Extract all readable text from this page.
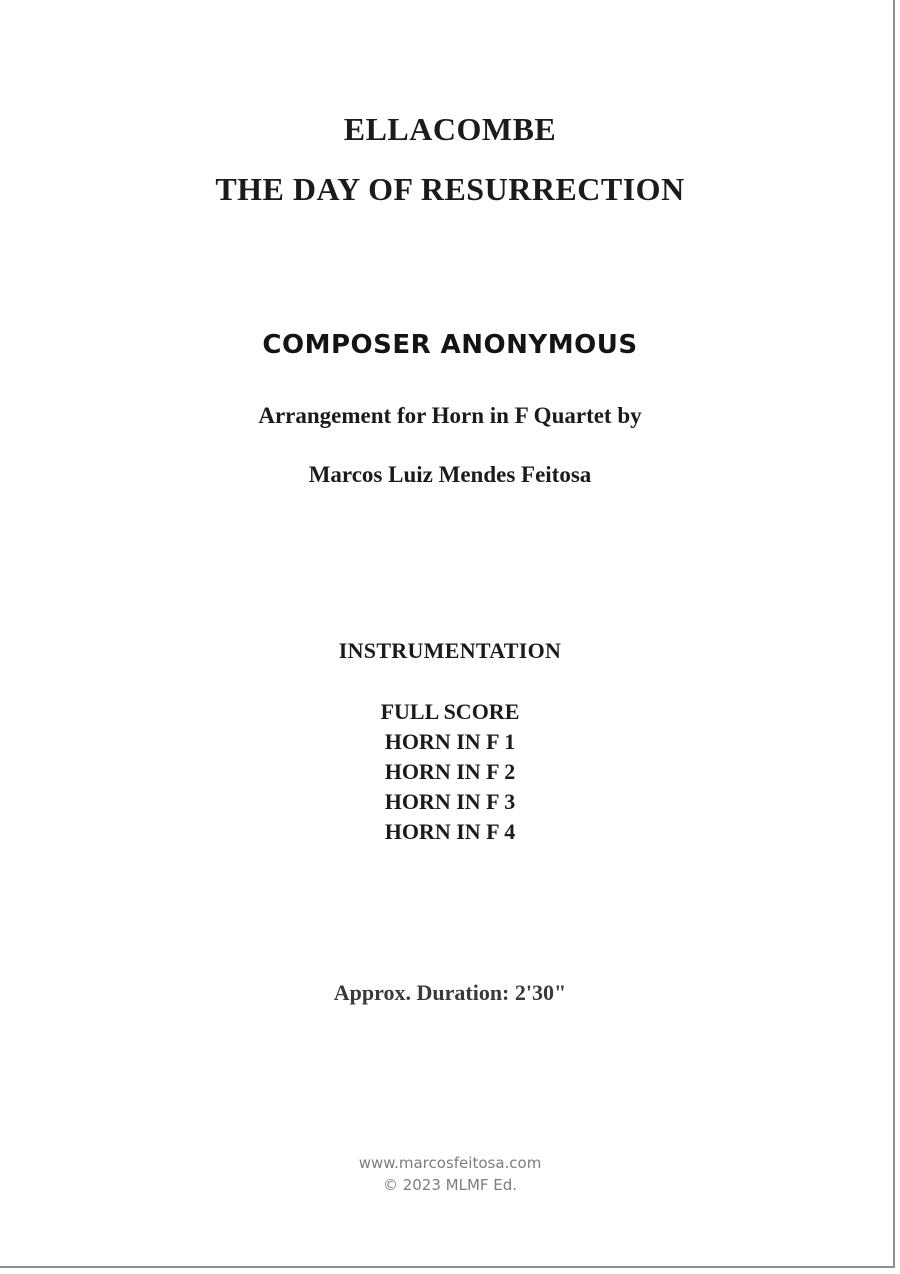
ELLACOMBE
THE DAY OF RESURRECTION
COMPOSER ANONYMOUS
Arrangement for Horn in F Quartet by
Marcos Luiz Mendes Feitosa
INSTRUMENTATION
FULL SCORE
HORN IN F 1
HORN IN F 2
HORN IN F 3
HORN IN F 4
Approx. Duration: 2'30"
www.marcosfeitosa.com
© 2023 MLMF Ed.
